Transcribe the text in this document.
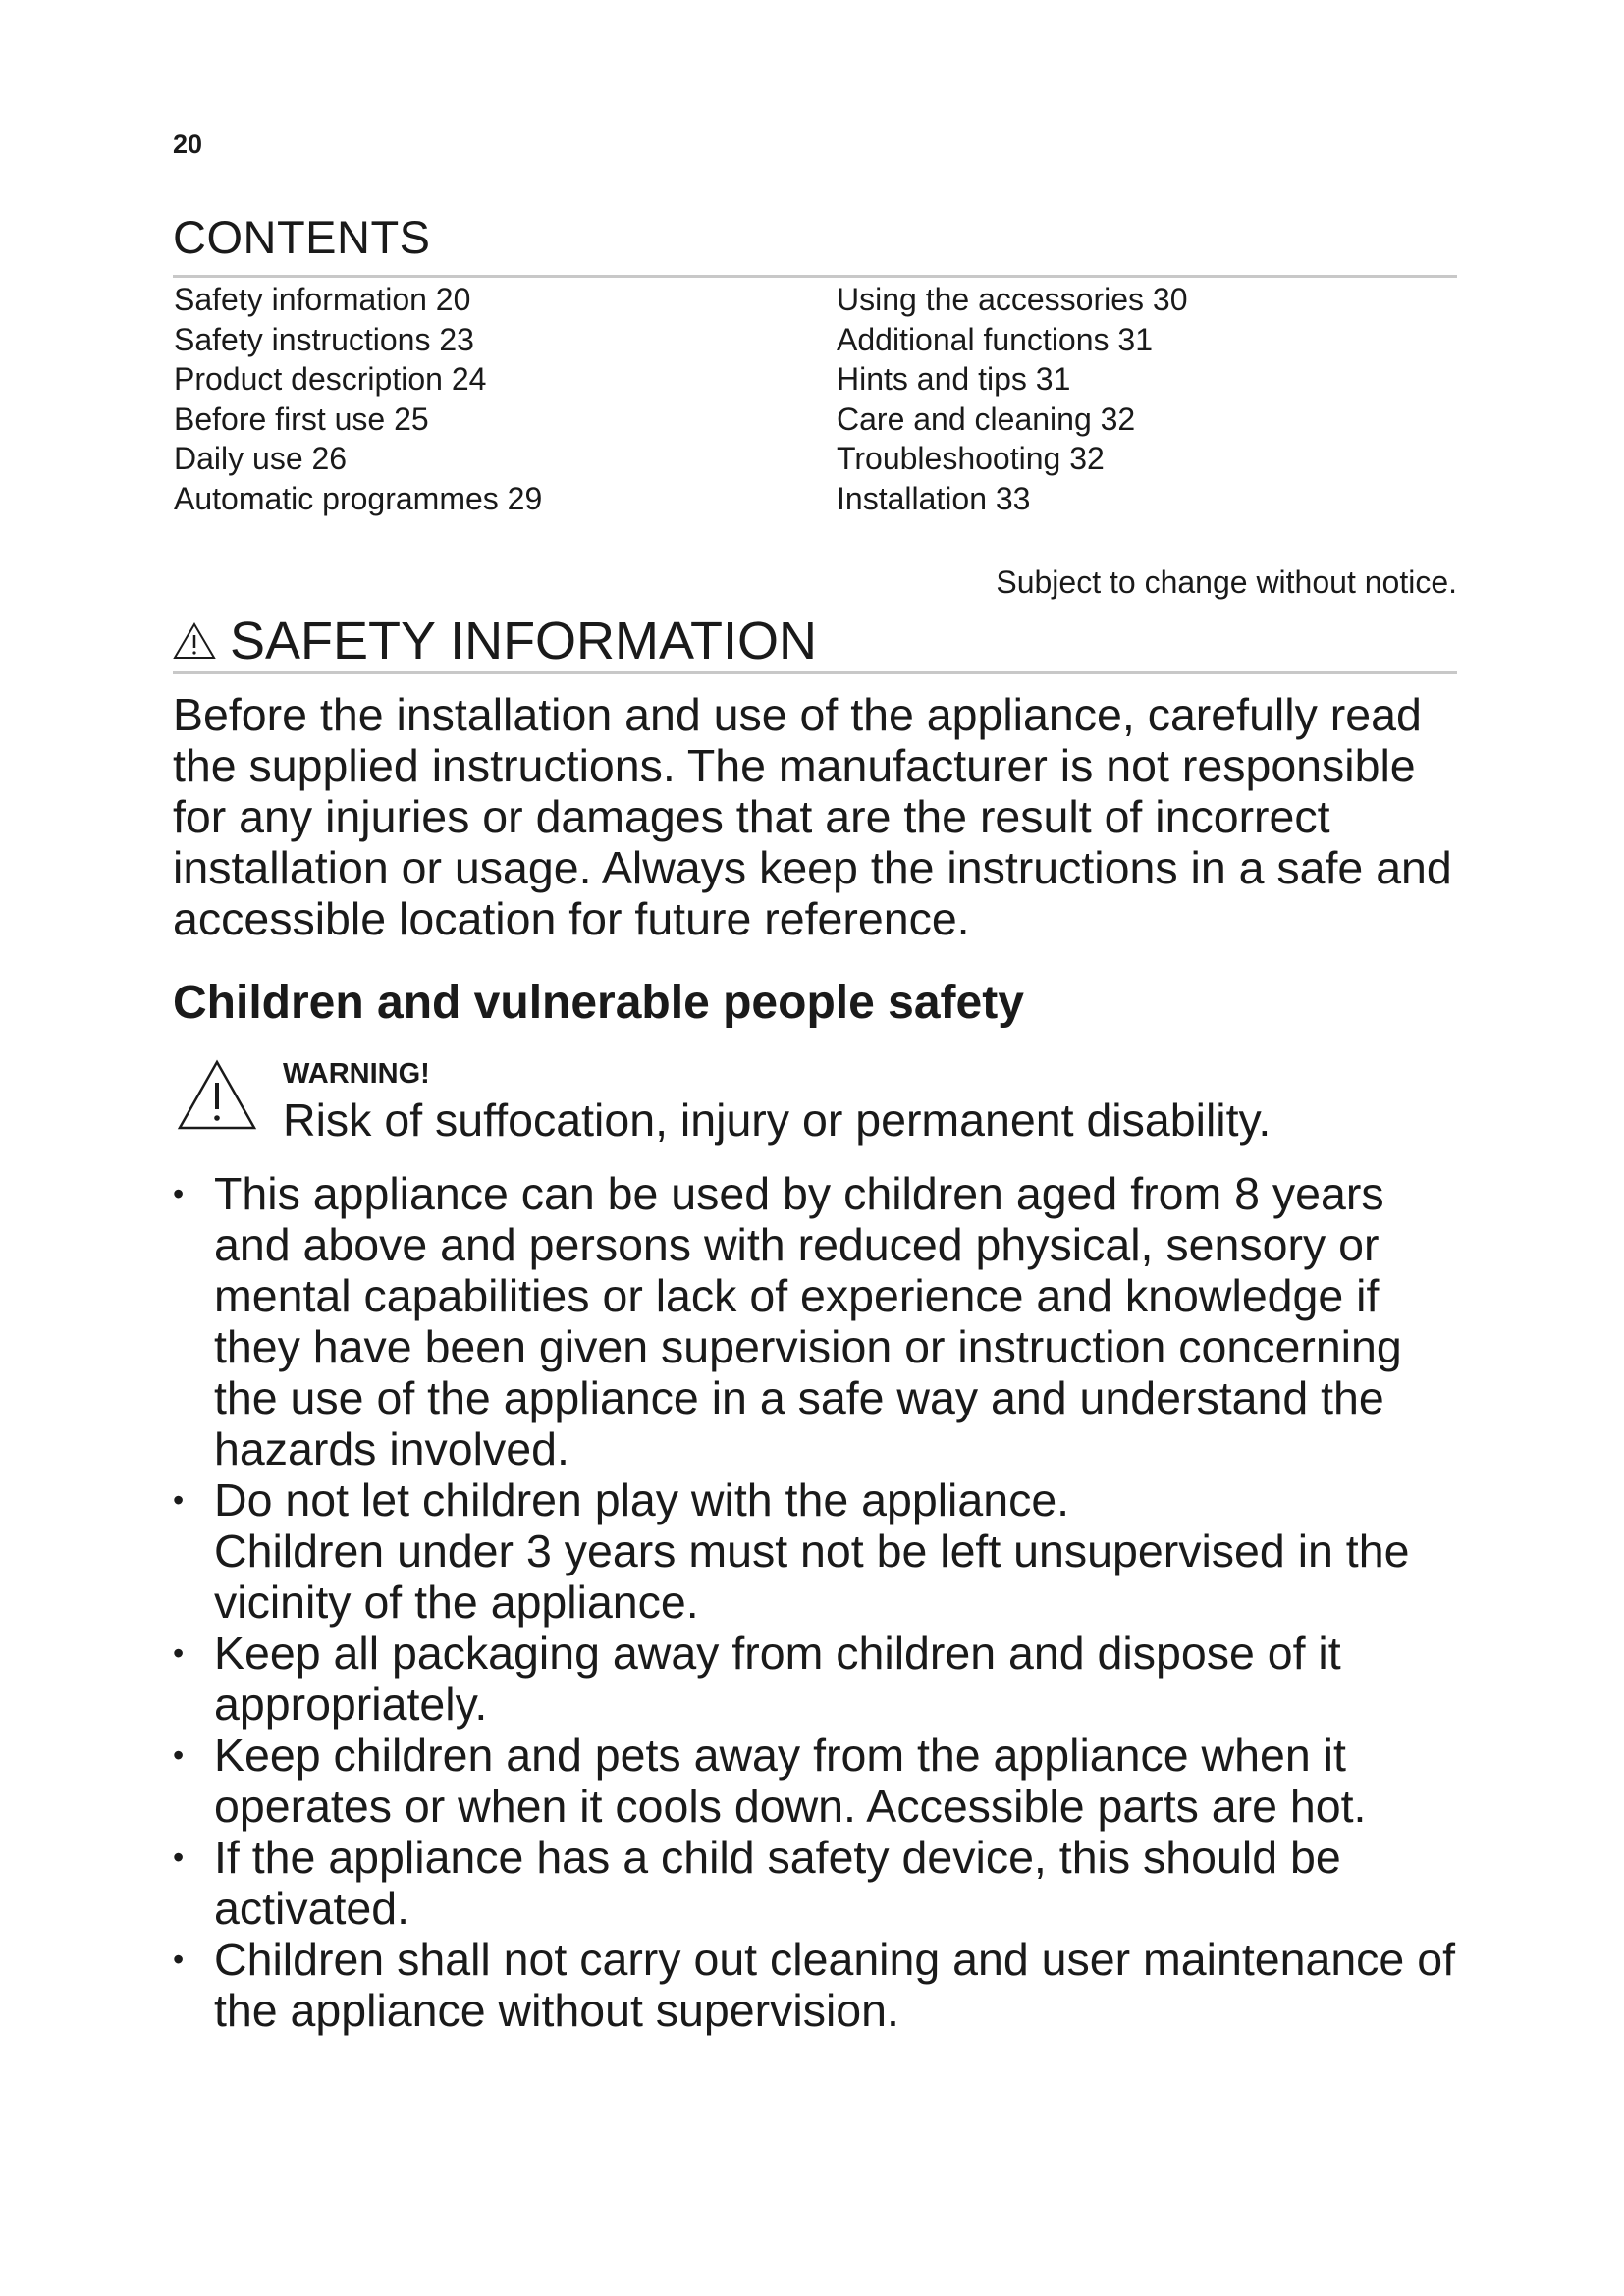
20
CONTENTS
Safety information 20
Safety instructions 23
Product description 24
Before first use 25
Daily use 26
Automatic programmes 29
Using the accessories 30
Additional functions 31
Hints and tips 31
Care and cleaning 32
Troubleshooting 32
Installation 33
Subject to change without notice.
SAFETY INFORMATION
Before the installation and use of the appliance, carefully read the supplied instructions. The manufacturer is not responsible for any injuries or damages that are the result of incorrect installation or usage. Always keep the instructions in a safe and accessible location for future reference.
Children and vulnerable people safety
WARNING!
Risk of suffocation, injury or permanent disability.
• This appliance can be used by children aged from 8 years and above and persons with reduced physical, sensory or mental capabilities or lack of experience and knowledge if they have been given supervision or instruction concerning the use of the appliance in a safe way and understand the hazards involved.
• Do not let children play with the appliance.
Children under 3 years must not be left unsupervised in the vicinity of the appliance.
• Keep all packaging away from children and dispose of it appropriately.
• Keep children and pets away from the appliance when it operates or when it cools down. Accessible parts are hot.
• If the appliance has a child safety device, this should be activated.
• Children shall not carry out cleaning and user maintenance of the appliance without supervision.
